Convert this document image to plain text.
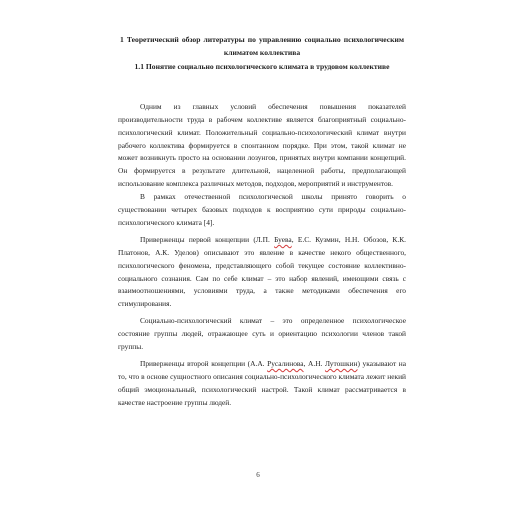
1 Теоретический обзор литературы по управлению социально психологическим климатом коллектива

1.1 Понятие социально психологического климата в трудовом коллективе

Одним из главных условий обеспечения повышения показателей производительности труда в рабочем коллективе является благоприятный социально-психологический климат. Положительный социально-психологический климат внутри рабочего коллектива формируется в спонтанном порядке. При этом, такой климат не может возникнуть просто на основании лозунгов, принятых внутри компании концепций. Он формируется в результате длительной, нацеленной работы, предполагающей использование комплекса различных методов, подходов, мероприятий и инструментов.

В рамках отечественной психологической школы принято говорить о существовании четырех базовых подходов к восприятию сути природы социально-психологического климата [4].

Приверженцы первой концепции (Л.П. Буева, Е.С. Кузмин, Н.Н. Обозов, К.К. Платонов, А.К. Уделов) описывают это явление в качестве некого общественного, психологического феномена, представляющего собой текущее состояние коллективно-социального сознания. Сам по себе климат – это набор явлений, имеющими связь с взаимоотношениями, условиями труда, а также методиками обеспечения его стимулирования.

Социально-психологический климат – это определенное психологическое состояние группы людей, отражающее суть и ориентацию психологии членов такой группы.

Приверженцы второй концепции (А.А. Русалинова, А.Н. Лутошкин) указывают на то, что в основе сущностного описания социально-психологического климата лежит некий общий эмоциональный, психологический настрой. Такой климат рассматривается в качестве настроение группы людей.

6
